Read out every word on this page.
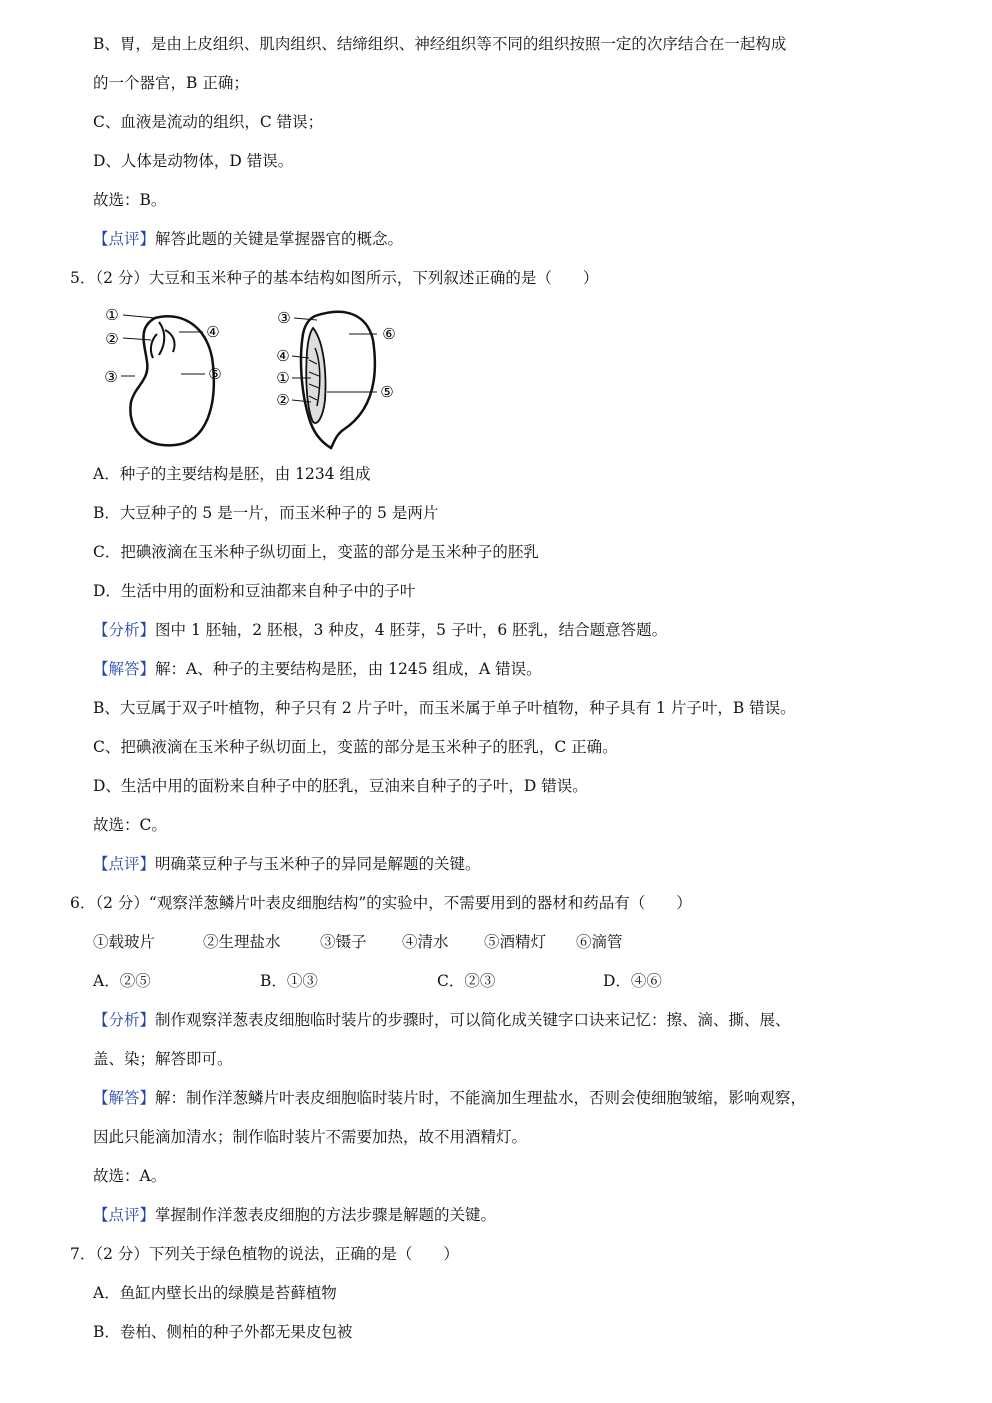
B、胃，是由上皮组织、肌肉组织、结缔组织、神经组织等不同的组织按照一定的次序结合在一起构成
的一个器官，B 正确；
C、血液是流动的组织，C 错误；
D、人体是动物体，D 错误。
故选：B。
【点评】解答此题的关键是掌握器官的概念。
5．（2 分）大豆和玉米种子的基本结构如图所示，下列叙述正确的是（　　）
①
②	④
③	⑤
③
⑥
④
①
⑤
②
A．种子的主要结构是胚，由 1234 组成
B．大豆种子的 5 是一片，而玉米种子的 5 是两片
C．把碘液滴在玉米种子纵切面上，变蓝的部分是玉米种子的胚乳
D．生活中用的面粉和豆油都来自种子中的子叶
【分析】图中 1 胚轴，2 胚根，3 种皮，4 胚芽，5 子叶，6 胚乳，结合题意答题。
【解答】解：A、种子的主要结构是胚，由 1245 组成，A 错误。
B、大豆属于双子叶植物，种子只有 2 片子叶，而玉米属于单子叶植物，种子具有 1 片子叶，B 错误。
C、把碘液滴在玉米种子纵切面上，变蓝的部分是玉米种子的胚乳，C 正确。
D、生活中用的面粉来自种子中的胚乳，豆油来自种子的子叶，D 错误。
故选：C。
【点评】明确菜豆种子与玉米种子的异同是解题的关键。
6．（2 分）“观察洋葱鳞片叶表皮细胞结构”的实验中，不需要用到的器材和药品有（　　）
①载玻片	②生理盐水	③镊子 ④清水 ⑤酒精灯 ⑥滴管
A．②⑤	B．①③	C．②③	D．④⑥
【分析】制作观察洋葱表皮细胞临时装片的步骤时，可以简化成关键字口诀来记忆：擦、滴、撕、展、
盖、染；解答即可。
【解答】解：制作洋葱鳞片叶表皮细胞临时装片时，不能滴加生理盐水，否则会使细胞皱缩，影响观察，
因此只能滴加清水；制作临时装片不需要加热，故不用酒精灯。
故选：A。
【点评】掌握制作洋葱表皮细胞的方法步骤是解题的关键。
7．（2 分）下列关于绿色植物的说法，正确的是（　　）
A．鱼缸内壁长出的绿膜是苔藓植物
B．卷柏、侧柏的种子外都无果皮包被
